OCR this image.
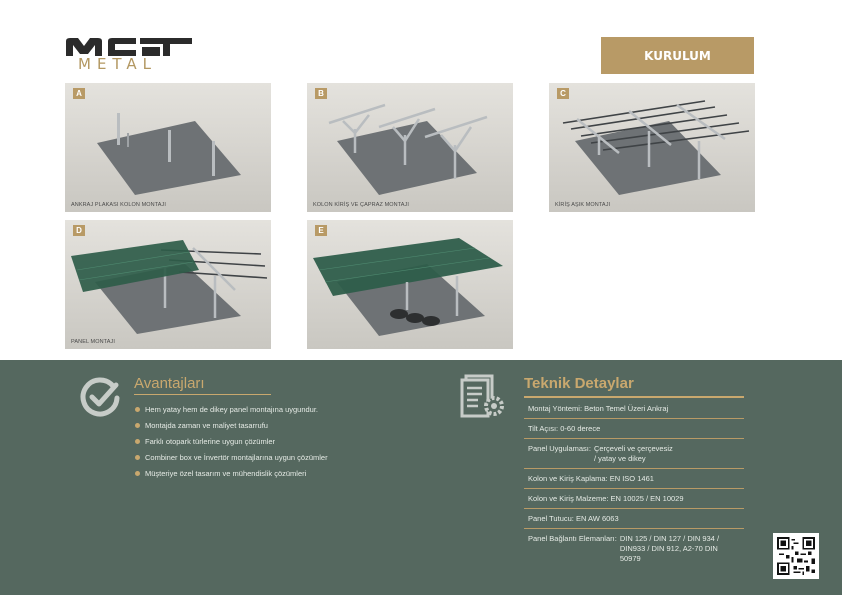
METAL	KURULUM
A
ANKRAJ PLAKASI KOLON MONTAJI
B
KOLON KİRİŞ VE ÇAPRAZ MONTAJI
C
KİRİŞ AŞIK MONTAJI
D
PANEL MONTAJI
E
Avantajları
Hem yatay hem de dikey panel montajına uygundur.
Montajda zaman ve maliyet tasarrufu
Farklı otopark türlerine uygun çözümler
Combiner box ve İnvertör montajlarına uygun çözümler
Müşteriye özel tasarım ve mühendislik çözümleri
Teknik Detaylar
Montaj Yöntemi: Beton Temel Üzeri Ankraj
Tilt Açısı: 0-60 derece
Panel Uygulaması: Çerçeveli ve çerçevesiz / yatay ve dikey
Kolon ve Kiriş Kaplama: EN ISO 1461
Kolon ve Kiriş Malzeme: EN 10025 / EN 10029
Panel Tutucu: EN AW 6063
Panel Bağlantı Elemanları: DIN 125 / DIN 127 / DIN 934 / DIN933 / DIN 912, A2-70 DIN 50979
